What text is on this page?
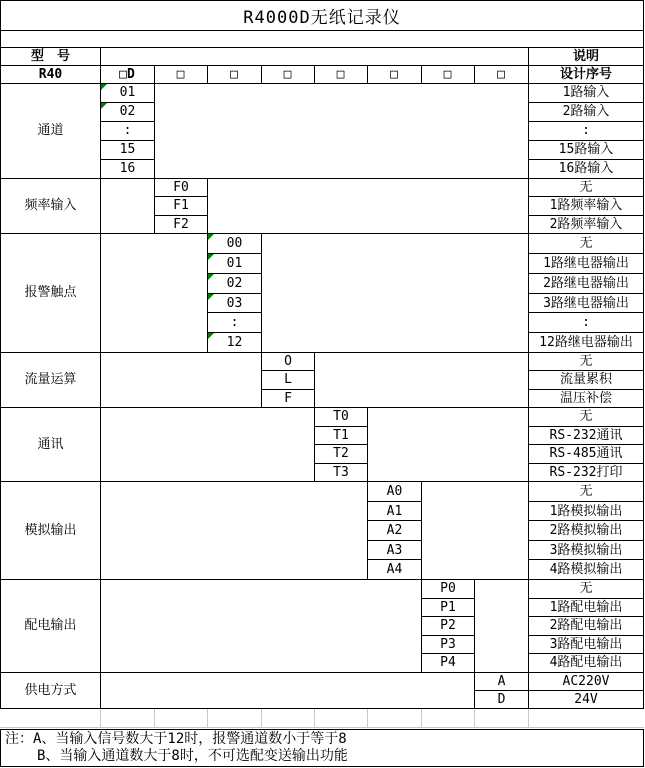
R4000D无纸记录仪
型　号	说明
R40	设计序号
注：A、当输入信号数大于12时，报警通道数小于等于8
B、当输入通道数大于8时，不可选配变送输出功能
□D	□	□	□	□	□	□	□
通道
01	1路输入
02	2路输入
:	:
15	15路输入
16	16路输入
频率输入
F0	无
F1	1路频率输入
F2	2路频率输入
报警触点
00	无
01	1路继电器输出
02	2路继电器输出
03	3路继电器输出
:	:
12	12路继电器输出
流量运算
O	无
L	流量累积
F	温压补偿
通讯
T0	无
T1	RS-232通讯
T2	RS-485通讯
T3	RS-232打印
模拟输出
A0	无
A1	1路模拟输出
A2	2路模拟输出
A3	3路模拟输出
A4	4路模拟输出
配电输出
P0	无
P1	1路配电输出
P2	2路配电输出
P3	3路配电输出
P4	4路配电输出
供电方式
A	AC220V
D	24V
